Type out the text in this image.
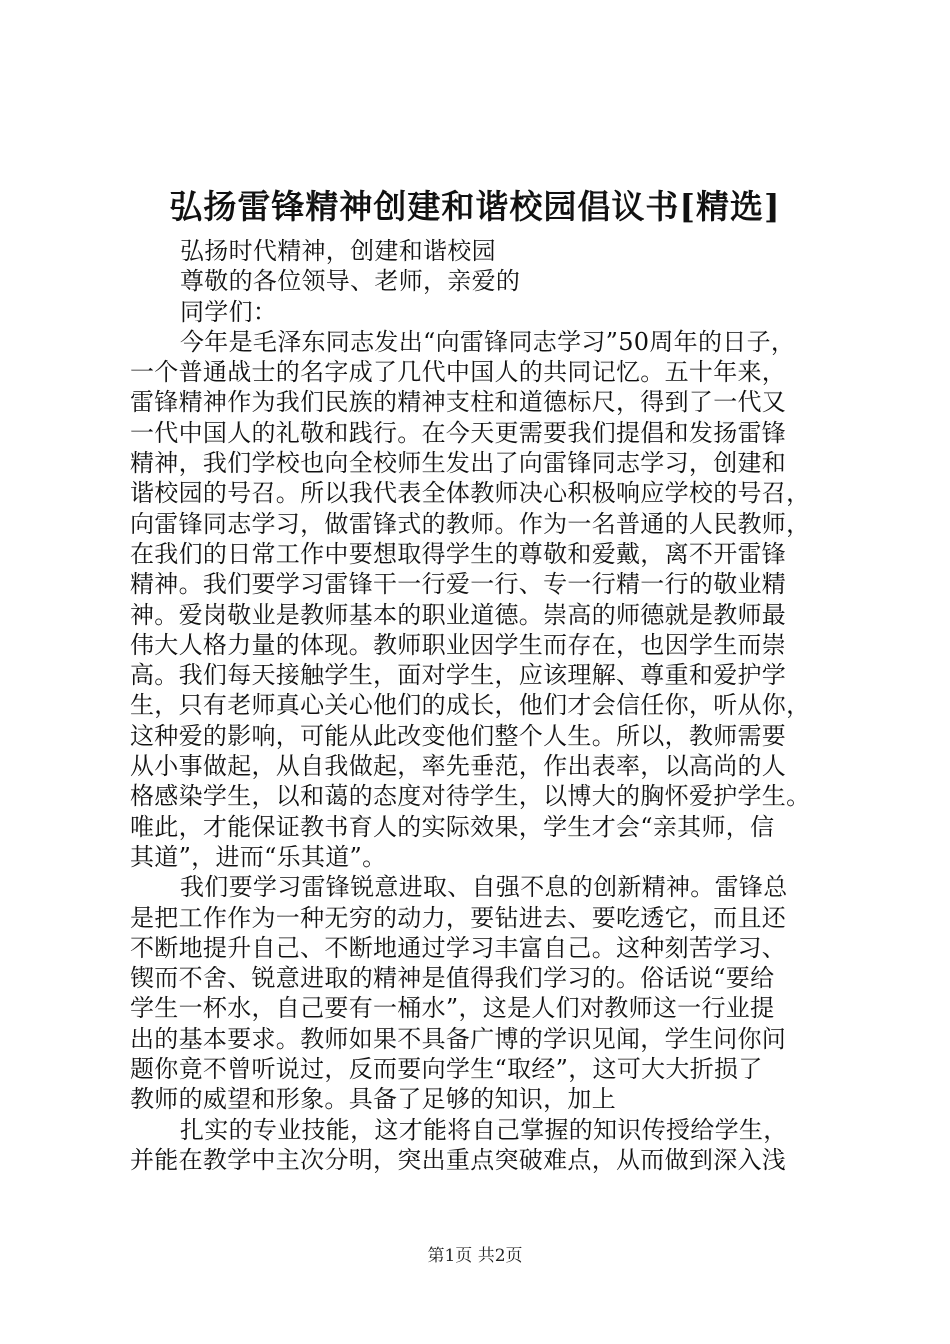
弘扬雷锋精神创建和谐校园倡议书[精选]
弘扬时代精神，创建和谐校园
尊敬的各位领导、老师，亲爱的
同学们：
今年是毛泽东同志发出“向雷锋同志学习”50周年的日子，
一个普通战士的名字成了几代中国人的共同记忆。五十年来，
雷锋精神作为我们民族的精神支柱和道德标尺，得到了一代又
一代中国人的礼敬和践行。在今天更需要我们提倡和发扬雷锋
精神，我们学校也向全校师生发出了向雷锋同志学习，创建和
谐校园的号召。所以我代表全体教师决心积极响应学校的号召，
向雷锋同志学习，做雷锋式的教师。作为一名普通的人民教师，
在我们的日常工作中要想取得学生的尊敬和爱戴，离不开雷锋
精神。我们要学习雷锋干一行爱一行、专一行精一行的敬业精
神。爱岗敬业是教师基本的职业道德。崇高的师德就是教师最
伟大人格力量的体现。教师职业因学生而存在，也因学生而崇
高。我们每天接触学生，面对学生，应该理解、尊重和爱护学
生，只有老师真心关心他们的成长，他们才会信任你，听从你，
这种爱的影响，可能从此改变他们整个人生。所以，教师需要
从小事做起，从自我做起，率先垂范，作出表率，以高尚的人
格感染学生，以和蔼的态度对待学生，以博大的胸怀爱护学生。
唯此，才能保证教书育人的实际效果，学生才会“亲其师，信
其道”，进而“乐其道”。
我们要学习雷锋锐意进取、自强不息的创新精神。雷锋总
是把工作作为一种无穷的动力，要钻进去、要吃透它，而且还
不断地提升自己、不断地通过学习丰富自己。这种刻苦学习、
锲而不舍、锐意进取的精神是值得我们学习的。俗话说“要给
学生一杯水，自己要有一桶水”，这是人们对教师这一行业提
出的基本要求。教师如果不具备广博的学识见闻，学生问你问
题你竟不曾听说过，反而要向学生“取经”，这可大大折损了
教师的威望和形象。具备了足够的知识，加上
扎实的专业技能，这才能将自己掌握的知识传授给学生，
并能在教学中主次分明，突出重点突破难点，从而做到深入浅
第1页 共2页
